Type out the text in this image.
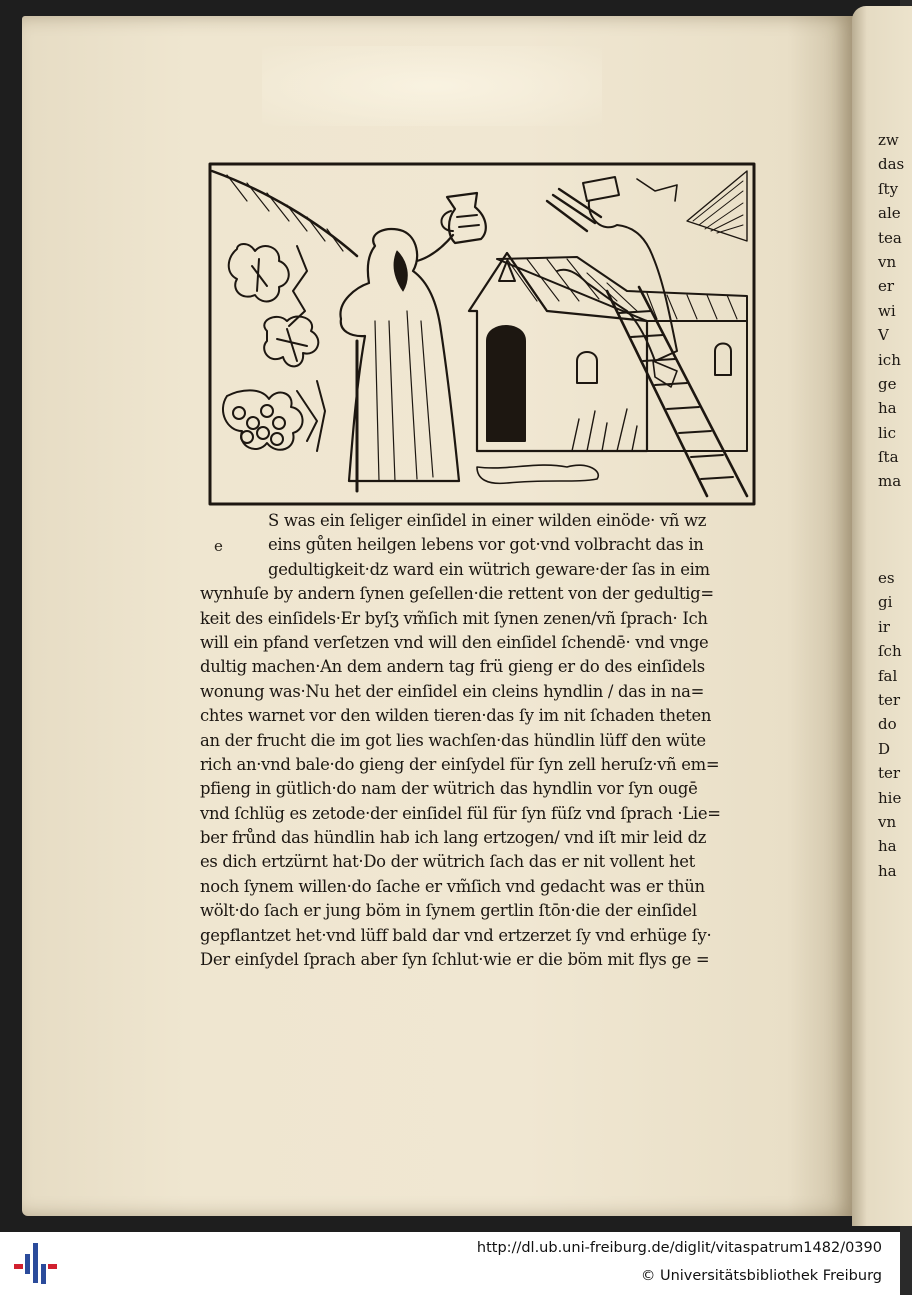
e
S was ein ſeliger einſidel in einer wilden einöde· vñ wz
eins gůten heilgen lebens vor got·vnd volbracht das in
gedultigkeit·dz ward ein wütrich geware·der ſas in eim
wynhuſe by andern ſynen geſellen·die rettent von der gedultig=
keit des einſidels·Er byſʒ vm̃ſich mit ſynen zenen/vñ ſprach· Ich
will ein pfand verſetzen vnd will den einſidel ſchendē· vnd vnge
dultig machen·An dem andern tag frü gieng er do des einſidels
wonung was·Nu het der einſidel ein cleins hyndlin / das in na=
chtes warnet vor den wilden tieren·das ſy im nit ſchaden theten
an der frucht die im got lies wachſen·das hündlin lüff den wüte
rich an·vnd bale·do gieng der einſydel für ſyn zell heruſz·vñ em=
pfieng in gütlich·do nam der wütrich das hyndlin vor ſyn ougē
vnd ſchlüg es zetode·der einſidel fül für ſyn füſz vnd ſprach ·Lie=
ber frůnd das hündlin hab ich lang ertzogen/ vnd iſt mir leid dz
es dich ertzürnt hat·Do der wütrich ſach das er nit vollent het
noch ſynem willen·do ſache er vm̃ſich vnd gedacht was er thün
wölt·do ſach er jung böm in ſynem gertlin ſtōn·die der einſidel
gepflantzet het·vnd lüff bald dar vnd ertzerzet ſy vnd erhüge ſy·
Der einſydel ſprach aber ſyn ſchlut·wie er die böm mit flys ge =
zw
das
ſty
ale
tea
vn
er
wi
V
ich
ge
ha
lic
ſta
ma
es
gi
ir
ſch
fal
ter
do
D
ter
hie
vn
ha
ha
http://dl.ub.uni-freiburg.de/diglit/vitaspatrum1482/0390
© Universitätsbibliothek Freiburg
